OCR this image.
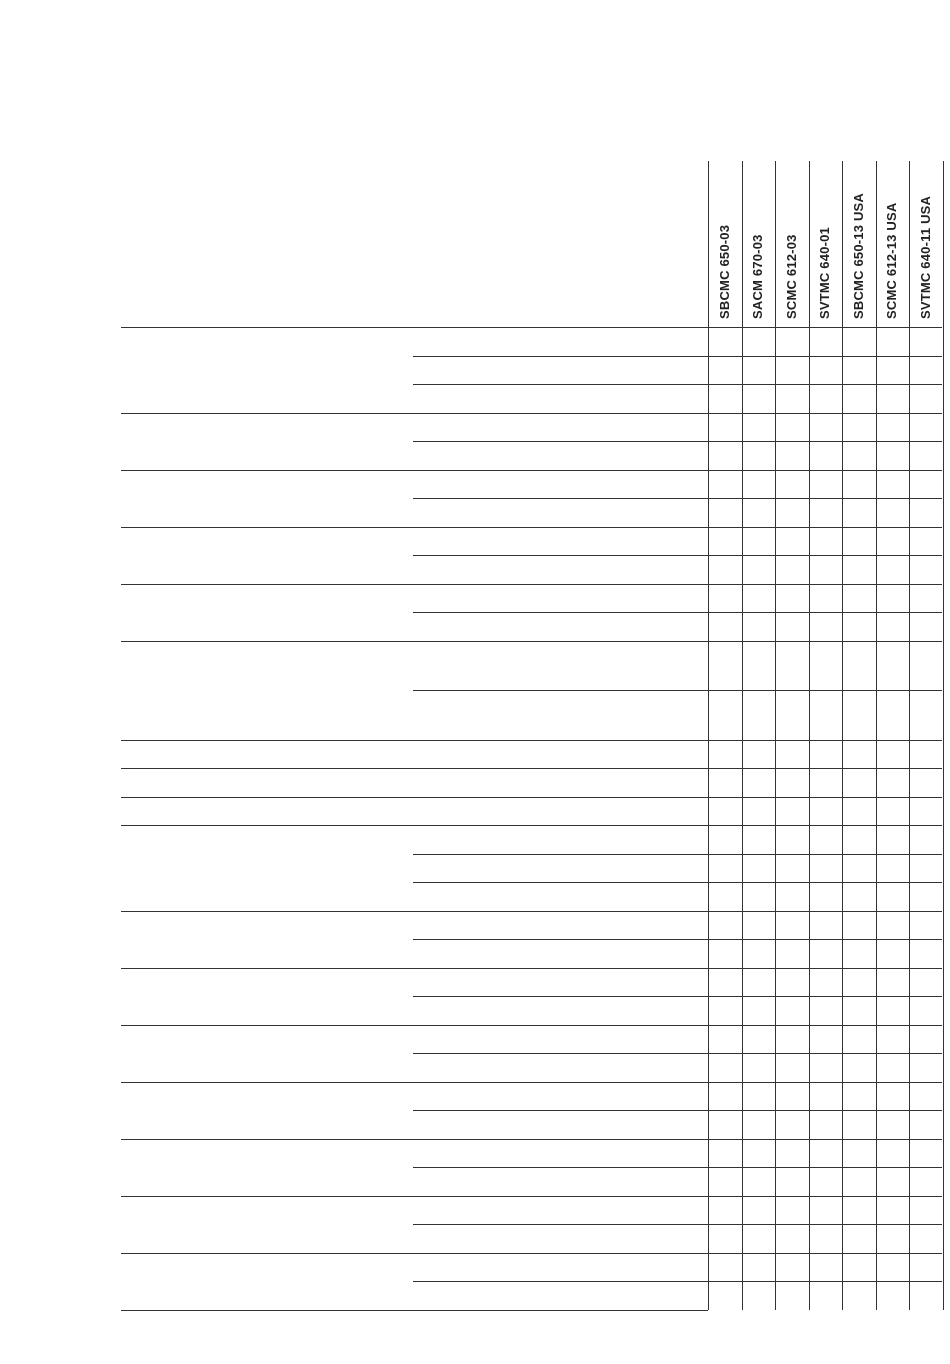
SBCMC 650-03 SACM 670-03 SCMC 612-03 SVTMC 640-01 SBCMC 650-13 USA SCMC 612-13 USA SVTMC 640-11 USA
